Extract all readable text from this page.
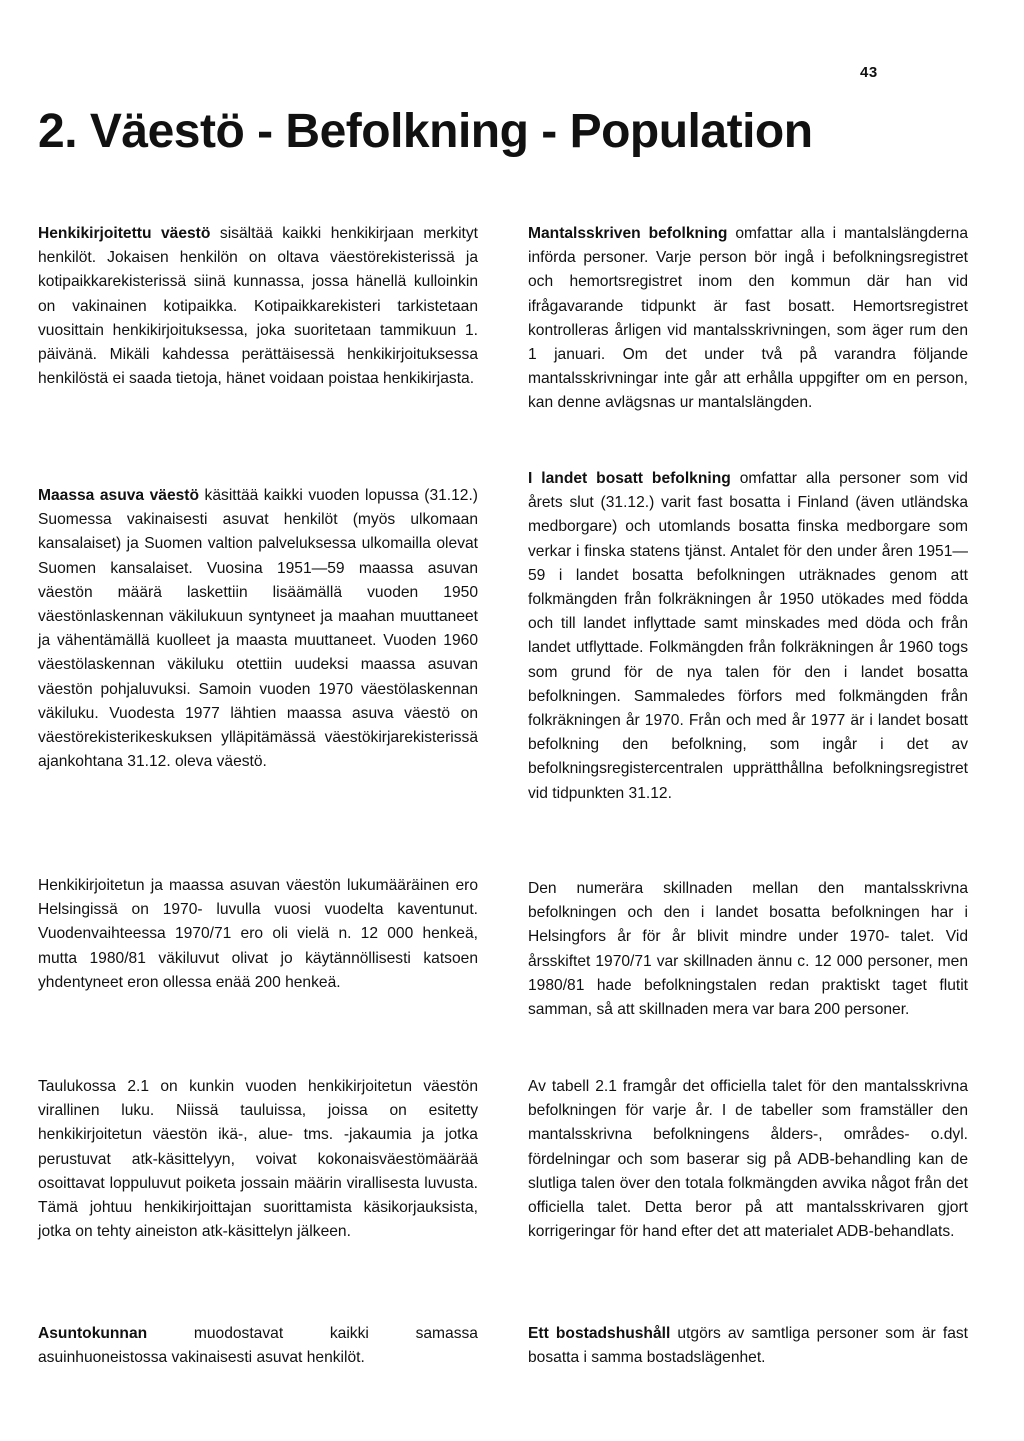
43
2. Väestö - Befolkning - Population

Henkikirjoitettu väestö sisältää kaikki henkikirjaan merkityt henkilöt. Jokaisen henkilön on oltava väestörekisterissä ja kotipaikkarekisterissä siinä kunnassa, jossa hänellä kulloinkin on vakinainen kotipaikka. Kotipaikkarekisteri tarkistetaan vuosittain henkikirjoituksessa, joka suoritetaan tammikuun 1. päivänä. Mikäli kahdessa perättäisessä henkikirjoituksessa henkilöstä ei saada tietoja, hänet voidaan poistaa henkikirjasta.

Maassa asuva väestö käsittää kaikki vuoden lopussa (31.12.) Suomessa vakinaisesti asuvat henkilöt (myös ulkomaan kansalaiset) ja Suomen valtion palveluksessa ulkomailla olevat Suomen kansalaiset. Vuosina 1951—59 maassa asuvan väestön määrä laskettiin lisäämällä vuoden 1950 väestönlaskennan väkilukuun syntyneet ja maahan muuttaneet ja vähentämällä kuolleet ja maasta muuttaneet. Vuoden 1960 väestölaskennan väkiluku otettiin uudeksi maassa asuvan väestön pohjaluvuksi. Samoin vuoden 1970 väestölaskennan väkiluku. Vuodesta 1977 lähtien maassa asuva väestö on väestörekisterikeskuksen ylläpitämässä väestökirjarekisterissä ajankohtana 31.12. oleva väestö.

Henkikirjoitetun ja maassa asuvan väestön lukumääräinen ero Helsingissä on 1970- luvulla vuosi vuodelta kaventunut. Vuodenvaihteessa 1970/71 ero oli vielä n. 12 000 henkeä, mutta 1980/81 väkiluvut olivat jo käytännöllisesti katsoen yhdentyneet eron ollessa enää 200 henkeä.

Taulukossa 2.1 on kunkin vuoden henkikirjoitetun väestön virallinen luku. Niissä tauluissa, joissa on esitetty henkikirjoitetun väestön ikä-, alue- tms. -jakaumia ja jotka perustuvat atk-käsittelyyn, voivat kokonaisväestömäärää osoittavat loppuluvut poiketa jossain määrin virallisesta luvusta. Tämä johtuu henkikirjoittajan suorittamista käsikorjauksista, jotka on tehty aineiston atk-käsittelyn jälkeen.

Asuntokunnan	muodostavat kaikki samassa asuinhuoneistossa vakinaisesti asuvat henkilöt.

Mantalsskriven befolkning omfattar alla i mantalslängderna införda personer. Varje person bör ingå i befolkningsregistret och hemortsregistret inom den kommun där han vid ifrågavarande tidpunkt är fast bosatt. Hemortsregistret kontrolleras årligen vid mantalsskrivningen, som äger rum den 1 januari. Om det under två på varandra följande mantalsskrivningar inte går att erhålla uppgifter om en person, kan denne avlägsnas ur mantalslängden.

I landet bosatt befolkning omfattar alla personer som vid årets slut (31.12.) varit fast bosatta i Finland (även utländska medborgare) och utomlands bosatta finska medborgare som verkar i finska statens tjänst. Antalet för den under åren 1951—59 i landet bosatta befolkningen uträknades genom att folkmängden från folkräkningen år 1950 utökades med födda och till landet inflyttade samt minskades med döda och från landet utflyttade. Folkmängden från folkräkningen år 1960 togs som grund för de nya talen för den i landet bosatta befolkningen. Sammaledes förfors med folkmängden från folkräkningen år 1970. Från och med år 1977 är i landet bosatt befolkning den befolkning, som ingår i det av befolkningsregistercentralen upprätthållna befolkningsregistret vid tidpunkten 31.12.

Den numerära skillnaden mellan den mantalsskrivna befolkningen och den i landet bosatta befolkningen har i Helsingfors år för år blivit mindre under 1970- talet. Vid årsskiftet 1970/71 var skillnaden ännu c. 12 000 personer, men 1980/81 hade befolkningstalen redan praktiskt taget flutit samman, så att skillnaden mera var bara 200 personer.

Av tabell 2.1 framgår det officiella talet för den mantalsskrivna befolkningen för varje år. I de tabeller som framställer den mantalsskrivna befolkningens ålders-, områdes- o.dyl. fördelningar och som baserar sig på ADB-behandling kan de slutliga talen över den totala folkmängden avvika något från det officiella talet. Detta beror på att mantalsskrivaren gjort korrigeringar för hand efter det att materialet ADB-behandlats.

Ett bostadshushåll utgörs av samtliga personer som är fast bosatta i samma bostadslägenhet.
